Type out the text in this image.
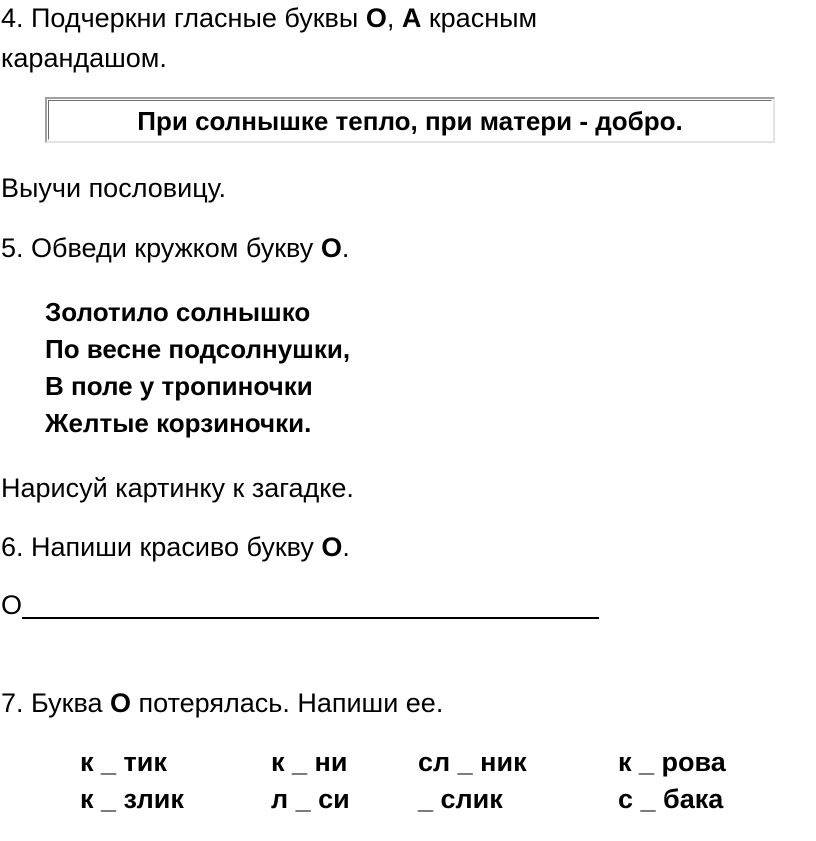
4. Подчеркни гласные буквы О, А красным
карандашом.
При солнышке тепло, при матери - добро.
Выучи пословицу.
5. Обведи кружком букву О.
Золотило солнышко
По весне подсолнушки,
В поле у тропиночки
Желтые корзиночки.
Нарисуй картинку к загадке.
6. Напиши красиво букву О.
О
7. Буква О потерялась. Напиши ее.
к _ тик	к _ ни	сл _ ник	к _ рова
к _ злик	л _ си	_ слик	с _ бака
